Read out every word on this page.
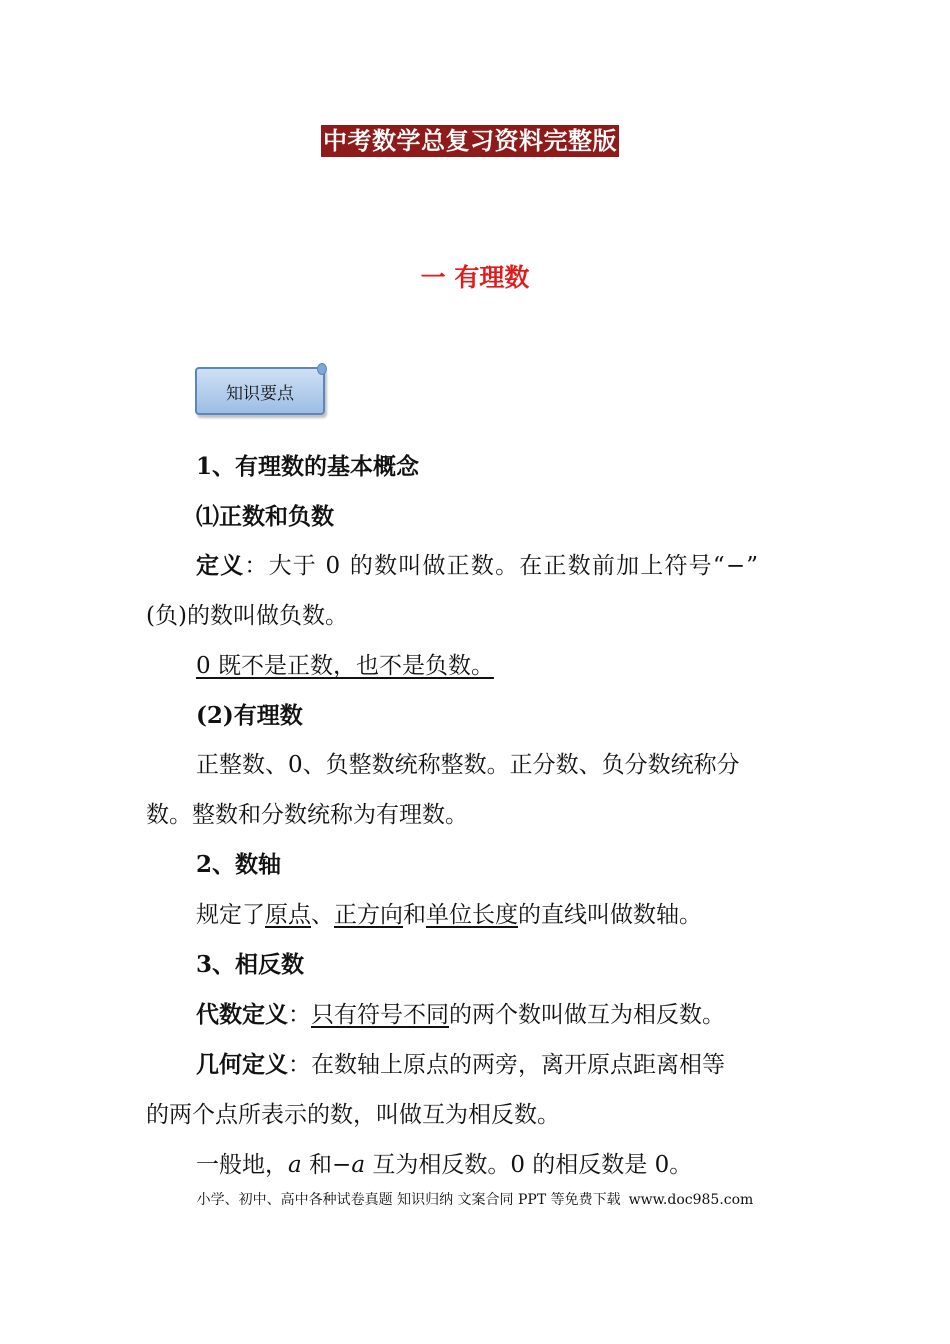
中考数学总复习资料完整版
一 有理数
知识要点
1、有理数的基本概念
⑴正数和负数
定义：大于 0 的数叫做正数。在正数前加上符号“−”
(负)的数叫做负数。
0 既不是正数，也不是负数。
(2)有理数
正整数、0、负整数统称整数。正分数、负分数统称分
数。整数和分数统称为有理数。
2、数轴
规定了原点、正方向和单位长度的直线叫做数轴。
3、相反数
代数定义：只有符号不同的两个数叫做互为相反数。
几何定义：在数轴上原点的两旁，离开原点距离相等
的两个点所表示的数，叫做互为相反数。
一般地，a 和−a 互为相反数。0 的相反数是 0。
小学、初中、高中各种试卷真题 知识归纳 文案合同 PPT 等免费下载 www.doc985.com
